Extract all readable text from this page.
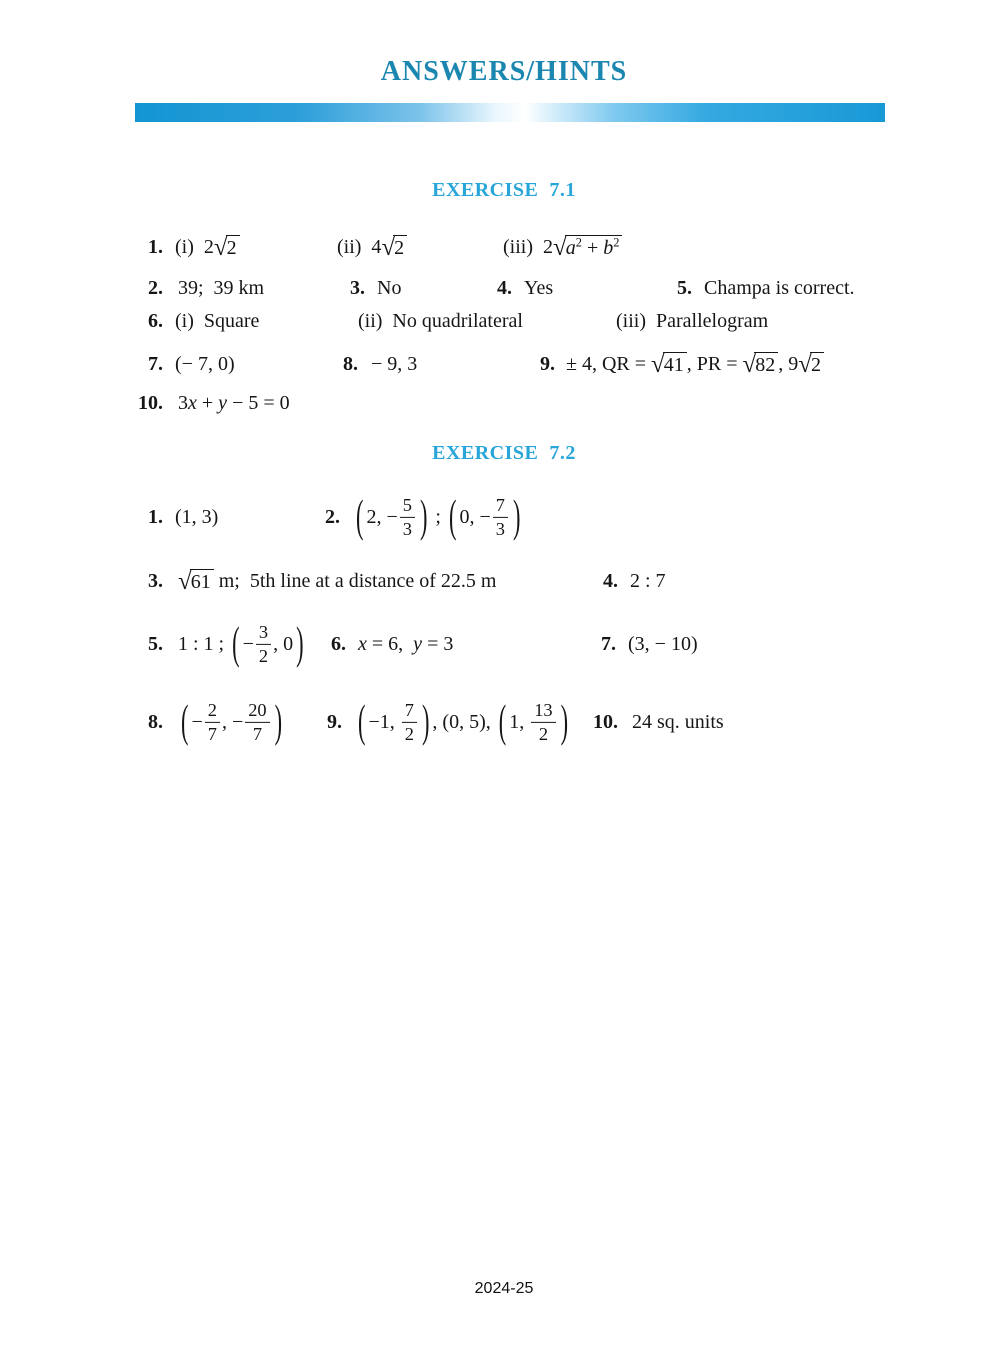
ANSWERS/HINTS
EXERCISE  7.1
1. (i)  2 √ 2	(ii)  4 √ 2	(iii)  2 √ $a^2 + b^2$
2. 39;  39 km	3. No	4. Yes	5. Champa is correct.
6. (i)  Square	(ii)  No quadrilateral	(iii)  Parallelogram
7. (− 7, 0)	8. − 9, 3	9. ± 4, QR = √ 41 , PR = √ 82 , 9 √ 2
10. 3 x + y − 5 = 0
EXERCISE  7.2
1. (1, 3)	2. ( 2, − $\frac{5}{3}$ ) ; ( 0, − $\frac{7}{3}$ )
3. √ 61 m;  5th line at a distance of 22.5 m	4. 2 : 7
5. 1 : 1 ; ( − $\frac{3}{2}$ , 0 ) 6. x = 6, y = 3	7. (3, − 10)
8. ( − $\frac{2}{7}$ , − $\frac{20}{7}$ ) 9. ( −1, $\frac{7}{2}$ ) , (0, 5), ( 1, $\frac{13}{2}$ ) 10. 24 sq. units
2024-25
